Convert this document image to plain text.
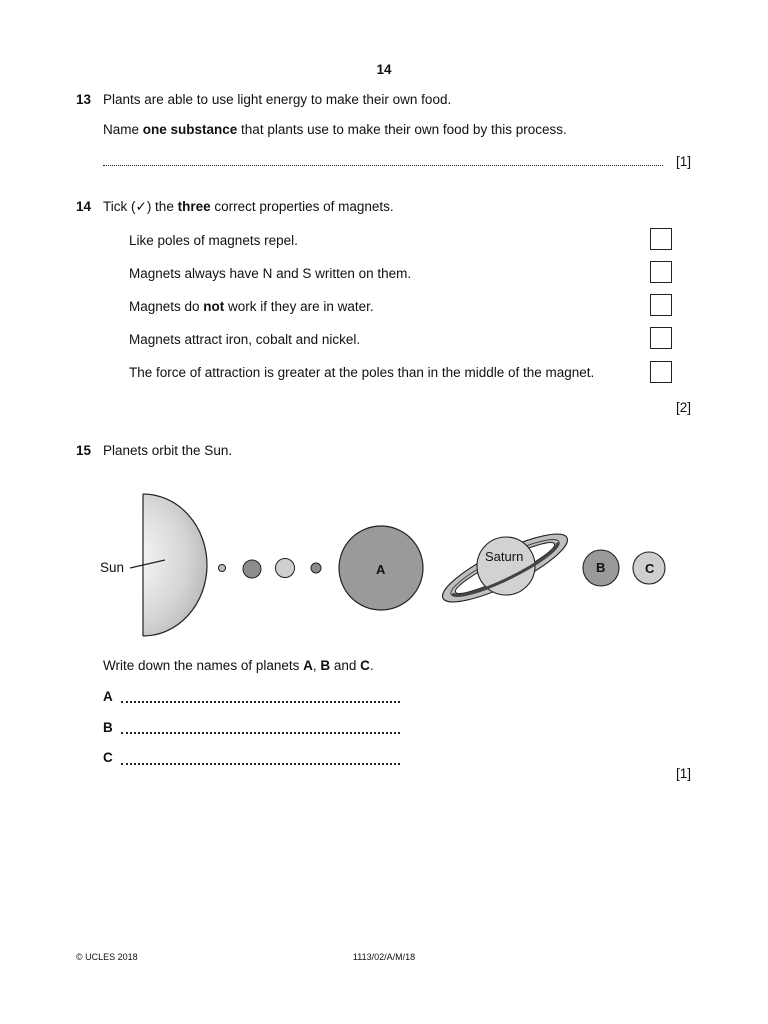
14
13 Plants are able to use light energy to make their own food.
Name one substance that plants use to make their own food by this process.
[1]
14 Tick (✓) the three correct properties of magnets.
Like poles of magnets repel.
Magnets always have N and S written on them.
Magnets do not work if they are in water.
Magnets attract iron, cobalt and nickel.
The force of attraction is greater at the poles than in the middle of the magnet.
[2]
15 Planets orbit the Sun.
Sun	A
Saturn
B	C
Write down the names of planets A, B and C.
A
B
C
[1]
© UCLES 2018	1113/02/A/M/18
